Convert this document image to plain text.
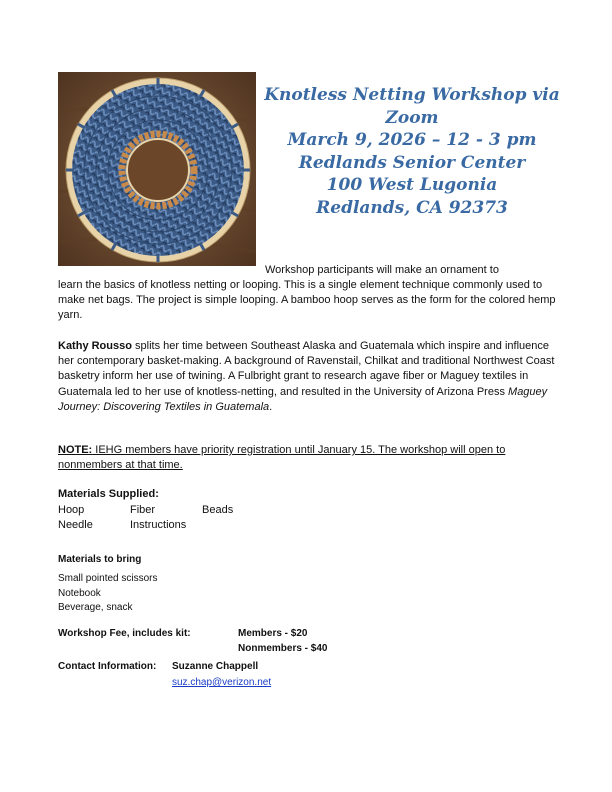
Knotless Netting Workshop via
Zoom
March 9, 2026 – 12 - 3 pm
Redlands Senior Center
100 West Lugonia
Redlands, CA 92373
Workshop participants will make an ornament to
learn the basics of knotless netting or looping. This is a single element technique commonly used to make net bags. The project is simple looping. A bamboo hoop serves as the form for the colored hemp yarn.
Kathy Rousso splits her time between Southeast Alaska and Guatemala which inspire and influence her contemporary basket-making. A background of Ravenstail, Chilkat and traditional Northwest Coast basketry inform her use of twining. A Fulbright grant to research agave fiber or Maguey textiles in Guatemala led to her use of knotless-netting, and resulted in the University of Arizona Press Maguey Journey: Discovering Textiles in Guatemala.
NOTE: IEHG members have priority registration until January 15. The workshop will open to nonmembers at that time.
Materials Supplied:
Hoop	Fiber	Beads
Needle	Instructions
Materials to bring
Small pointed scissors
Notebook
Beverage, snack
Workshop Fee, includes kit:	Members - $20
Nonmembers - $40
Contact Information: Suzanne Chappell
suz.chap@verizon.net
